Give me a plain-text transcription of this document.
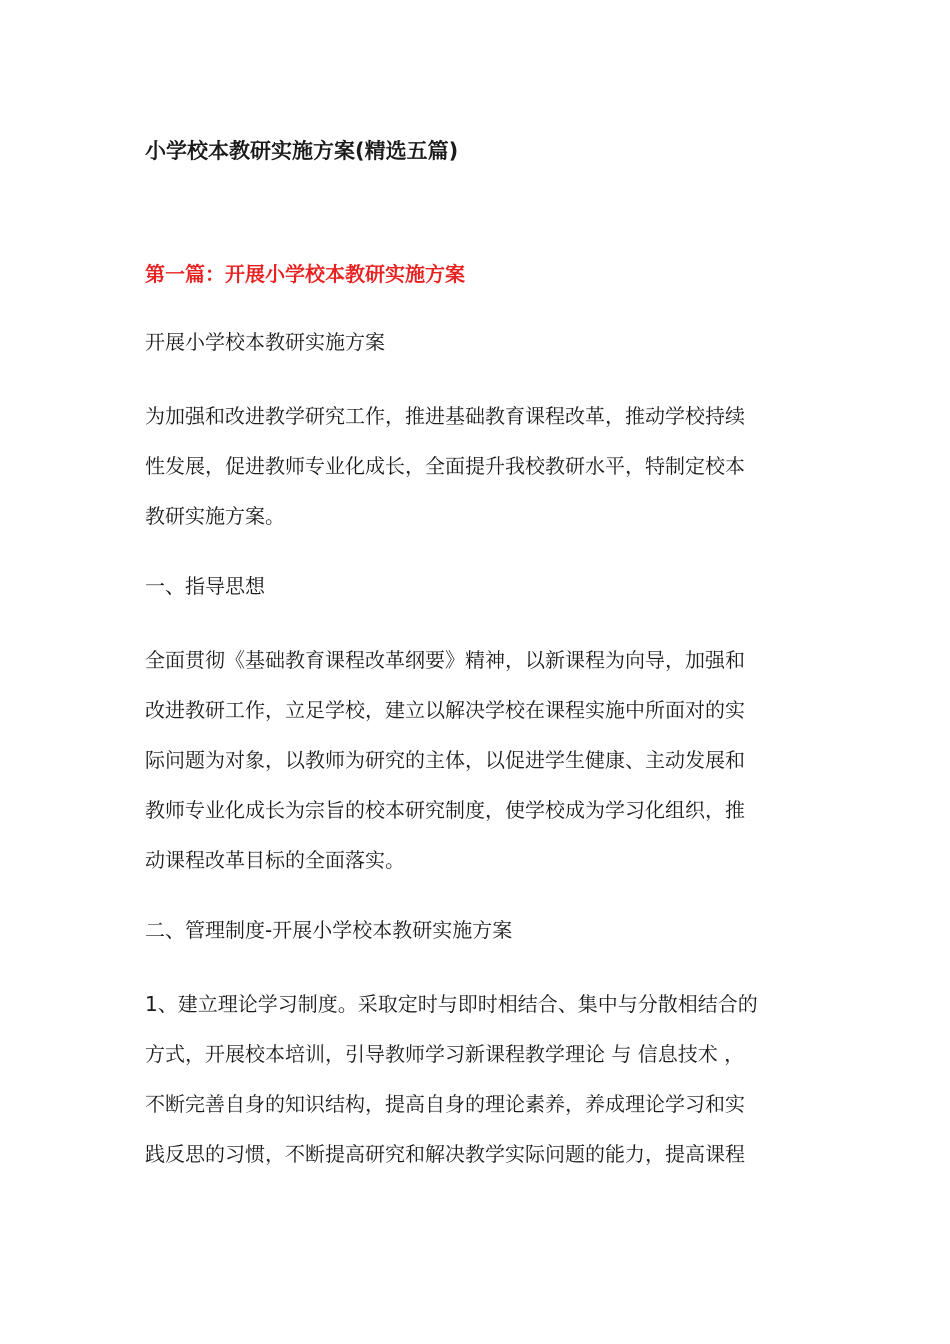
小学校本教研实施方案(精选五篇)
第一篇：开展小学校本教研实施方案
开展小学校本教研实施方案
为加强和改进教学研究工作，推进基础教育课程改革，推动学校持续
性发展，促进教师专业化成长，全面提升我校教研水平，特制定校本
教研实施方案。
一、指导思想
全面贯彻《基础教育课程改革纲要》精神，以新课程为向导，加强和
改进教研工作，立足学校，建立以解决学校在课程实施中所面对的实
际问题为对象，以教师为研究的主体，以促进学生健康、主动发展和
教师专业化成长为宗旨的校本研究制度，使学校成为学习化组织，推
动课程改革目标的全面落实。
二、管理制度-开展小学校本教研实施方案
1、建立理论学习制度。采取定时与即时相结合、集中与分散相结合的
方式，开展校本培训，引导教师学习新课程教学理论 与 信息技术 ，
不断完善自身的知识结构，提高自身的理论素养，养成理论学习和实
践反思的习惯，不断提高研究和解决教学实际问题的能力，提高课程
